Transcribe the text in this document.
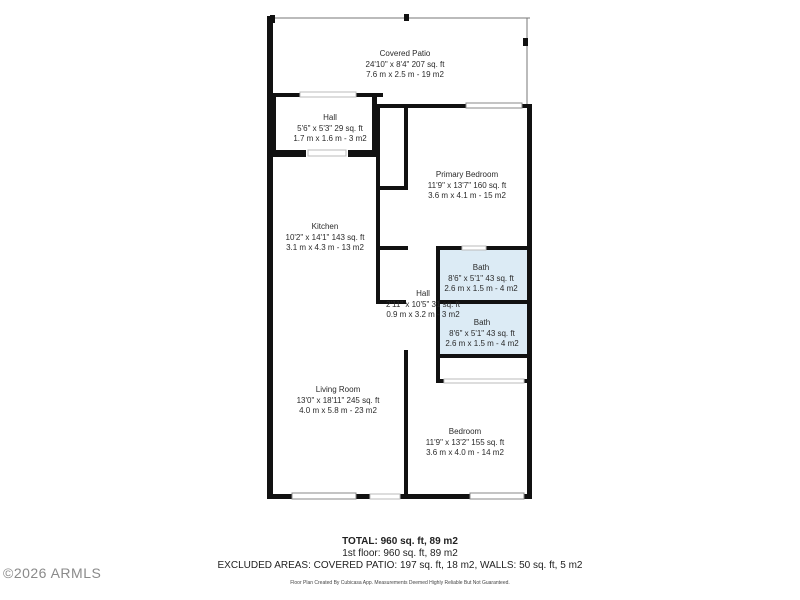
Covered Patio
24'10" x 8'4" 207 sq. ft
7.6 m x 2.5 m - 19 m2
Hall
5'6" x 5'3" 29 sq. ft
1.7 m x 1.6 m - 3 m2
Primary Bedroom
11'9" x 13'7" 160 sq. ft
3.6 m x 4.1 m - 15 m2
Kitchen
10'2" x 14'1" 143 sq. ft
3.1 m x 4.3 m - 13 m2
Bath
8'6" x 5'1" 43 sq. ft
2.6 m x 1.5 m - 4 m2
Hall
2'11" x 10'5" 31 sq. ft
0.9 m x 3.2 m - 3 m2
Bath
8'6" x 5'1" 43 sq. ft
2.6 m x 1.5 m - 4 m2
Living Room
13'0" x 18'11" 245 sq. ft
4.0 m x 5.8 m - 23 m2
Bedroom
11'9" x 13'2" 155 sq. ft
3.6 m x 4.0 m - 14 m2
TOTAL: 960 sq. ft, 89 m2
1st floor: 960 sq. ft, 89 m2
EXCLUDED AREAS: COVERED PATIO: 197 sq. ft, 18 m2, WALLS: 50 sq. ft, 5 m2
Floor Plan Created By Cubicasa App. Measurements Deemed Highly Reliable But Not Guaranteed.
©2026 ARMLS
